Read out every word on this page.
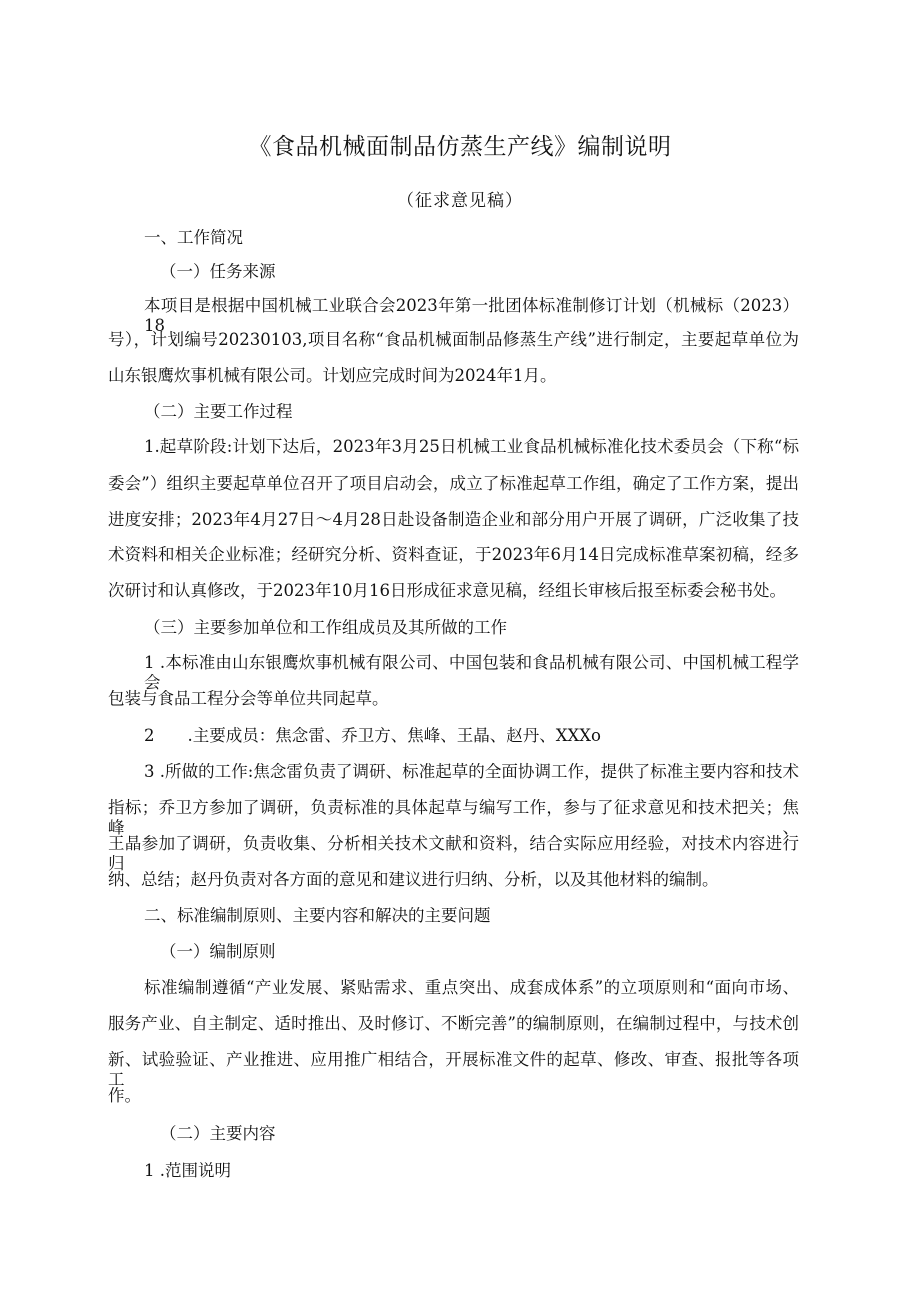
《食品机械面制品仿蒸生产线》编制说明
（征求意见稿）
一、工作简况
（一）任务来源
本项目是根据中国机械工业联合会2023年第一批团体标准制修订计划（机械标（2023）18
号），计划编号20230103,项目名称“食品机械面制品修蒸生产线”进行制定，主要起草单位为
山东银鹰炊事机械有限公司。计划应完成时间为2024年1月。
（二）主要工作过程
1.起草阶段:计划下达后，2023年3月25日机械工业食品机械标准化技术委员会（下称“标
委会”）组织主要起草单位召开了项目启动会，成立了标准起草工作组，确定了工作方案，提出
进度安排；2023年4月27日～4月28日赴设备制造企业和部分用户开展了调研，广泛收集了技
术资料和相关企业标准；经研究分析、资料查证，于2023年6月14日完成标准草案初稿，经多
次研讨和认真修改，于2023年10月16日形成征求意见稿，经组长审核后报至标委会秘书处。
（三）主要参加单位和工作组成员及其所做的工作
1 .本标准由山东银鹰炊事机械有限公司、中国包装和食品机械有限公司、中国机械工程学会
包装与食品工程分会等单位共同起草。
2　　.主要成员：焦念雷、乔卫方、焦峰、王晶、赵丹、XXXo
3 .所做的工作:焦念雷负责了调研、标准起草的全面协调工作，提供了标准主要内容和技术
指标；乔卫方参加了调研，负责标准的具体起草与编写工作，参与了征求意见和技术把关；焦峰、
王晶参加了调研，负责收集、分析相关技术文献和资料，结合实际应用经验，对技术内容进行归
纳、总结；赵丹负责对各方面的意见和建议进行归纳、分析，以及其他材料的编制。
二、标准编制原则、主要内容和解决的主要问题
（一）编制原则
标准编制遵循“产业发展、紧贴需求、重点突出、成套成体系”的立项原则和“面向市场、
服务产业、自主制定、适时推出、及时修订、不断完善”的编制原则，在编制过程中，与技术创
新、试验验证、产业推进、应用推广相结合，开展标准文件的起草、修改、审查、报批等各项工
作。
（二）主要内容
1 .范围说明
